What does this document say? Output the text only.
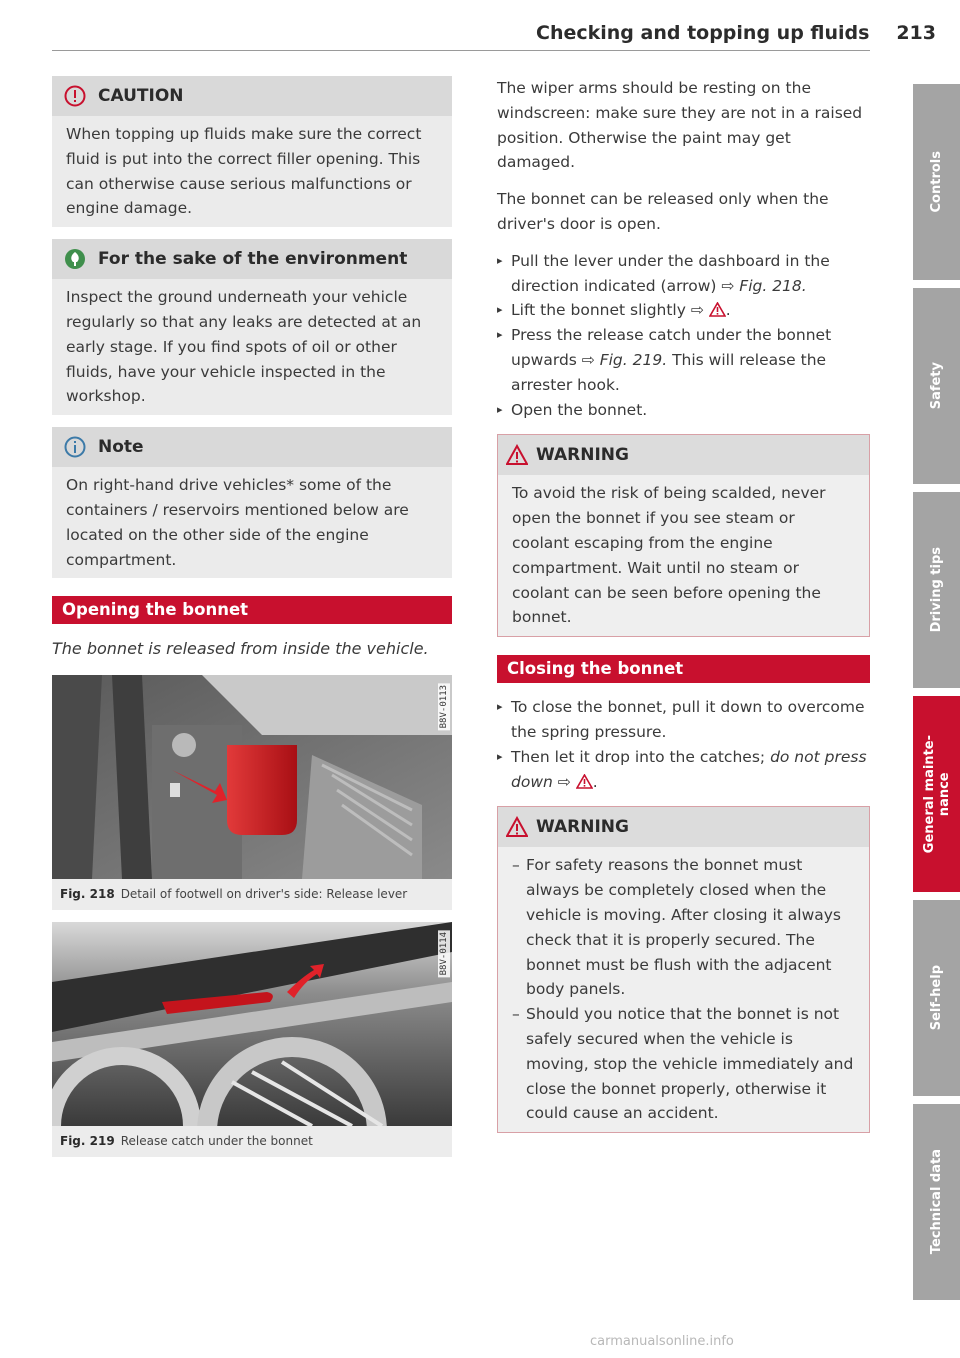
Checking and topping up fluids	213
CAUTION

When topping up fluids make sure the correct fluid is put into the correct filler opening. This can otherwise cause serious malfunctions or engine damage.

For the sake of the environment

Inspect the ground underneath your vehicle regularly so that any leaks are detected at an early stage. If you find spots of oil or other fluids, have your vehicle inspected in the workshop.

Note

On right-hand drive vehicles* some of the containers / reservoirs mentioned below are located on the other side of the engine compartment.

Opening the bonnet

The bonnet is released from inside the vehicle.

B8V-0113
Fig. 218 Detail of footwell on driver's side: Release lever
B8V-0114
Fig. 219 Release catch under the bonnet

The wiper arms should be resting on the windscreen: make sure they are not in a raised position. Otherwise the paint may get damaged.

The bonnet can be released only when the driver's door is open.

▸ Pull the lever under the dashboard in the direction indicated (arrow) ⇨ Fig. 218.
▸ Lift the bonnet slightly ⇨ .
▸ Press the release catch under the bonnet upwards ⇨ Fig. 219. This will release the arrester hook.
▸ Open the bonnet.
WARNING

To avoid the risk of being scalded, never open the bonnet if you see steam or coolant escaping from the engine compartment. Wait until no steam or coolant can be seen before opening the bonnet.

Closing the bonnet
▸ To close the bonnet, pull it down to overcome the spring pressure.
▸ Then let it drop into the catches; do not press down ⇨ .
WARNING
– For safety reasons the bonnet must always be completely closed when the vehicle is moving. After closing it always check that it is properly secured. The bonnet must be flush with the adjacent body panels.
– Should you notice that the bonnet is not safely secured when the vehicle is moving, stop the vehicle immediately and close the bonnet properly, otherwise it could cause an accident.
Controls
Safety
Driving tips
General mainte-
nance
Self-help
Technical data
carmanualsonline.info
